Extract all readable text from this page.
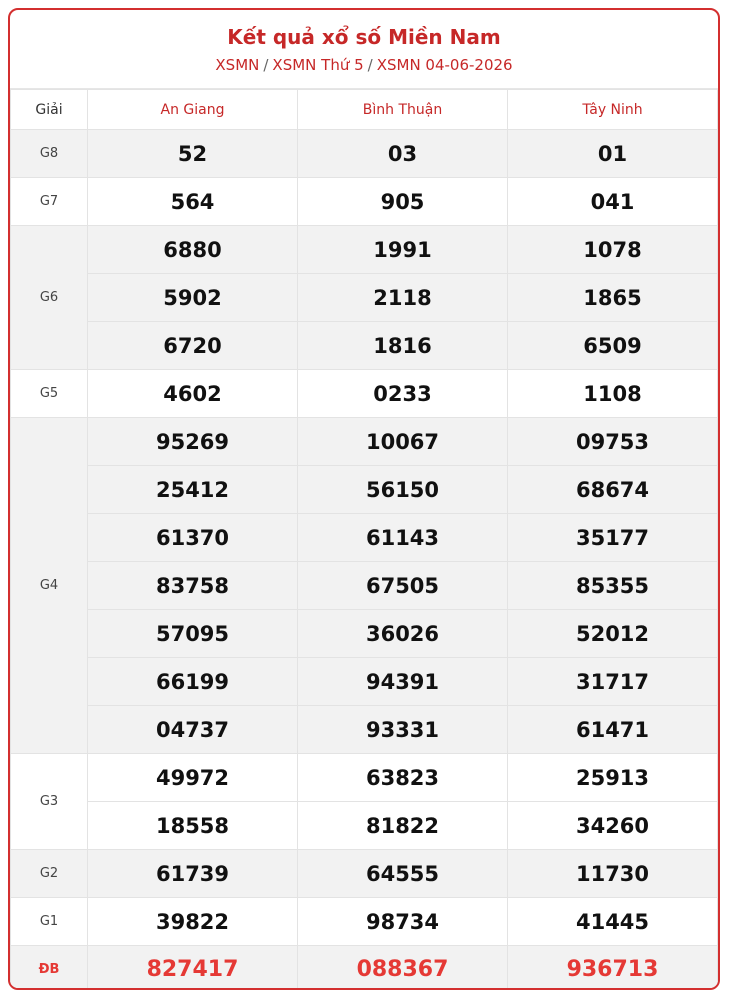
Kết quả xổ số Miền Nam
XSMN / XSMN Thứ 5 / XSMN 04-06-2026
Giải	An Giang	Bình Thuận	Tây Ninh
G8	52	03	01
G7	564	905	041
G6	6880	1991	1078
	5902	2118	1865
	6720	1816	6509
G5	4602	0233	1108
G4	95269	10067	09753
	25412	56150	68674
	61370	61143	35177
	83758	67505	85355
	57095	36026	52012
	66199	94391	31717
	04737	93331	61471
G3	49972	63823	25913
	18558	81822	34260
G2	61739	64555	11730
G1	39822	98734	41445
ĐB	827417	088367	936713
